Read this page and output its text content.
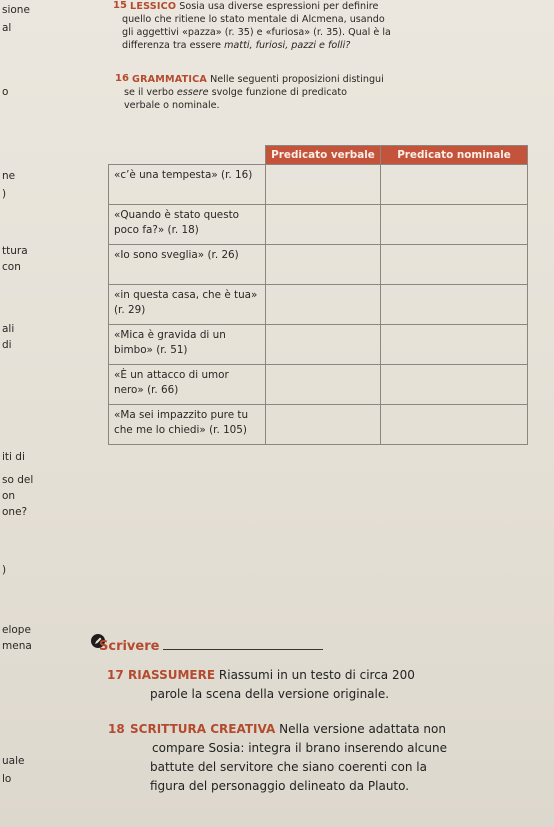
sione
al
o
ne
)
ttura
con
ali
di
iti di
so del
on
one?
)
elope
mena
uale
lo
15 LESSICO Sosia usa diverse espressioni per definire
quello che ritiene lo stato mentale di Alcmena, usando
gli aggettivi «pazza» (r. 35) e «furiosa» (r. 35). Qual è la
differenza tra essere matti, furiosi, pazzi e folli?
16 GRAMMATICA Nelle seguenti proposizioni distingui
se il verbo essere svolge funzione di predicato
verbale o nominale.
	Predicato verbale	Predicato nominale
«c’è una tempesta» (r. 16)		
«Quando è stato questo poco fa?» (r. 18)		
«Io sono sveglia» (r. 26)		
«in questa casa, che è tua» (r. 29)		
«Mica è gravida di un bimbo» (r. 51)		
«È un attacco di umor nero» (r. 66)		
«Ma sei impazzito pure tu che me lo chiedi» (r. 105)		
Scrivere
17 RIASSUMERE Riassumi in un testo di circa 200
parole la scena della versione originale.
18 SCRITTURA CREATIVA Nella versione adattata non
compare Sosia: integra il brano inserendo alcune
battute del servitore che siano coerenti con la
figura del personaggio delineato da Plauto.
